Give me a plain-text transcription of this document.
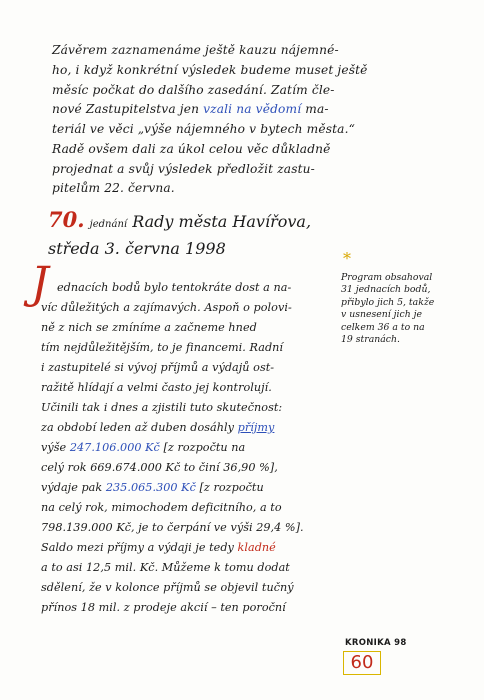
Závěrem zaznamenáme ještě kauzu nájemné-
ho, i když konkrétní výsledek budeme muset ještě
měsíc počkat do dalšího zasedání. Zatím čle-
nové Zastupitelstva jen vzali na vědomí ma-
teriál ve věci „výše nájemného v bytech města.“
Radě ovšem dali za úkol celou věc důkladně
projednat a svůj výsledek předložit zastu-
pitelům 22. června.
70. jednání Rady města Havířova,
středa 3. června 1998
J ednacích bodů bylo tentokráte dost a na-
víc důležitých a zajímavých. Aspoň o polovi-
ně z nich se zmíníme a začneme hned
tím nejdůležitějším, to je financemi. Radní
i zastupitelé si vývoj příjmů a výdajů ost-
ražitě hlídají a velmi často jej kontrolují.
Učinili tak i dnes a zjistili tuto skutečnost:
za období leden až duben dosáhly příjmy
výše 247.106.000 Kč [z rozpočtu na
celý rok 669.674.000 Kč to činí 36,90 %],
výdaje pak 235.065.300 Kč [z rozpočtu
na celý rok, mimochodem deficitního, a to
798.139.000 Kč, je to čerpání ve výši 29,4 %].
Saldo mezi příjmy a výdaji je tedy kladné
a to asi 12,5 mil. Kč. Můžeme k tomu dodat
sdělení, že v kolonce příjmů se objevil tučný
přínos 18 mil. z prodeje akcií – ten poroční
*
Program obsahoval
31 jednacích bodů,
přibylo jich 5, takže
v usnesení jich je
celkem 36 a to na
19 stranách.
KRONIKA 98
60
